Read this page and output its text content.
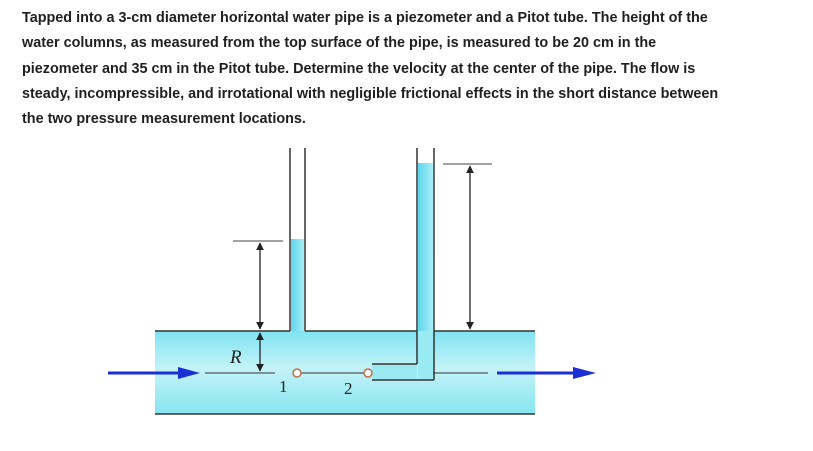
Tapped into a 3-cm diameter horizontal water pipe is a piezometer and a Pitot tube. The height of the
water columns, as measured from the top surface of the pipe, is measured to be 20 cm in the
piezometer and 35 cm in the Pitot tube. Determine the velocity at the center of the pipe. The flow is
steady, incompressible, and irrotational with negligible frictional effects in the short distance between
the two pressure measurement locations.
1	2
R
